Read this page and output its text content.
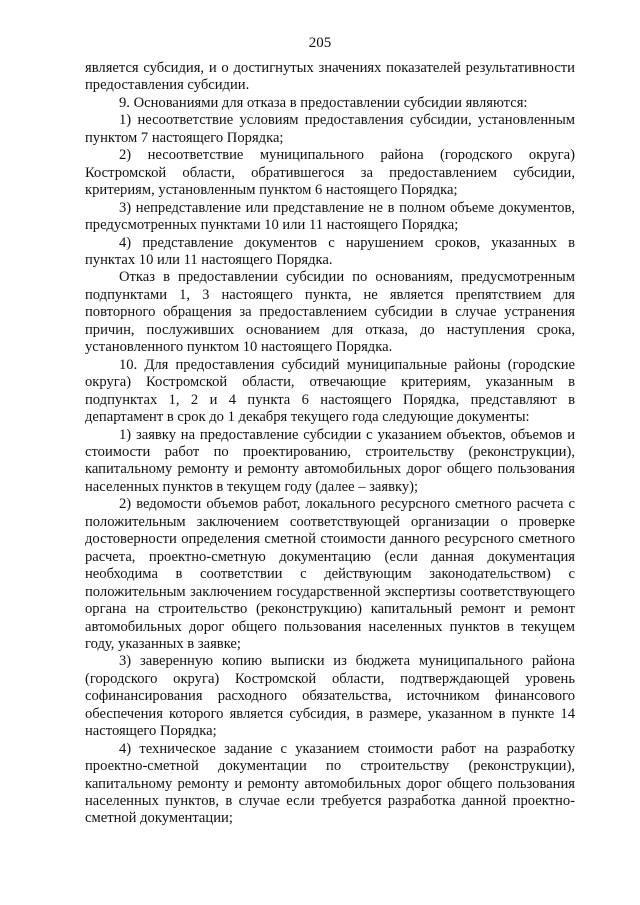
205

является субсидия, и о достигнутых значениях показателей результативности предоставления субсидии.

9. Основаниями для отказа в предоставлении субсидии являются:

1) несоответствие условиям предоставления субсидии, установленным пунктом 7 настоящего Порядка;

2) несоответствие муниципального района (городского округа) Костромской области, обратившегося за предоставлением субсидии, критериям, установленным пунктом 6 настоящего Порядка;

3) непредставление или представление не в полном объеме документов, предусмотренных пунктами 10 или 11 настоящего Порядка;

4) представление документов с нарушением сроков, указанных в пунктах 10 или 11 настоящего Порядка.

Отказ в предоставлении субсидии по основаниям, предусмотренным подпунктами 1, 3 настоящего пункта, не является препятствием для повторного обращения за предоставлением субсидии в случае устранения причин, послуживших основанием для отказа, до наступления срока, установленного пунктом 10 настоящего Порядка.

10. Для предоставления субсидий муниципальные районы (городские округа) Костромской области, отвечающие критериям, указанным в подпунктах 1, 2 и 4 пункта 6 настоящего Порядка, представляют в департамент в срок до 1 декабря текущего года следующие документы:

1) заявку на предоставление субсидии с указанием объектов, объемов и стоимости работ по проектированию, строительству (реконструкции), капитальному ремонту и ремонту автомобильных дорог общего пользования населенных пунктов в текущем году (далее – заявку);

2) ведомости объемов работ, локального ресурсного сметного расчета с положительным заключением соответствующей организации о проверке достоверности определения сметной стоимости данного ресурсного сметного расчета, проектно-сметную документацию (если данная документация необходима в соответствии с действующим законодательством) с положительным заключением государственной экспертизы соответствующего органа на строительство (реконструкцию) капитальный ремонт и ремонт автомобильных дорог общего пользования населенных пунктов в текущем году, указанных в заявке;

3) заверенную копию выписки из бюджета муниципального района (городского округа) Костромской области, подтверждающей уровень софинансирования расходного обязательства, источником финансового обеспечения которого является субсидия, в размере, указанном в пункте 14 настоящего Порядка;

4) техническое задание с указанием стоимости работ на разработку проектно-сметной документации по строительству (реконструкции), капитальному ремонту и ремонту автомобильных дорог общего пользования населенных пунктов, в случае если требуется разработка данной проектно-сметной документации;
